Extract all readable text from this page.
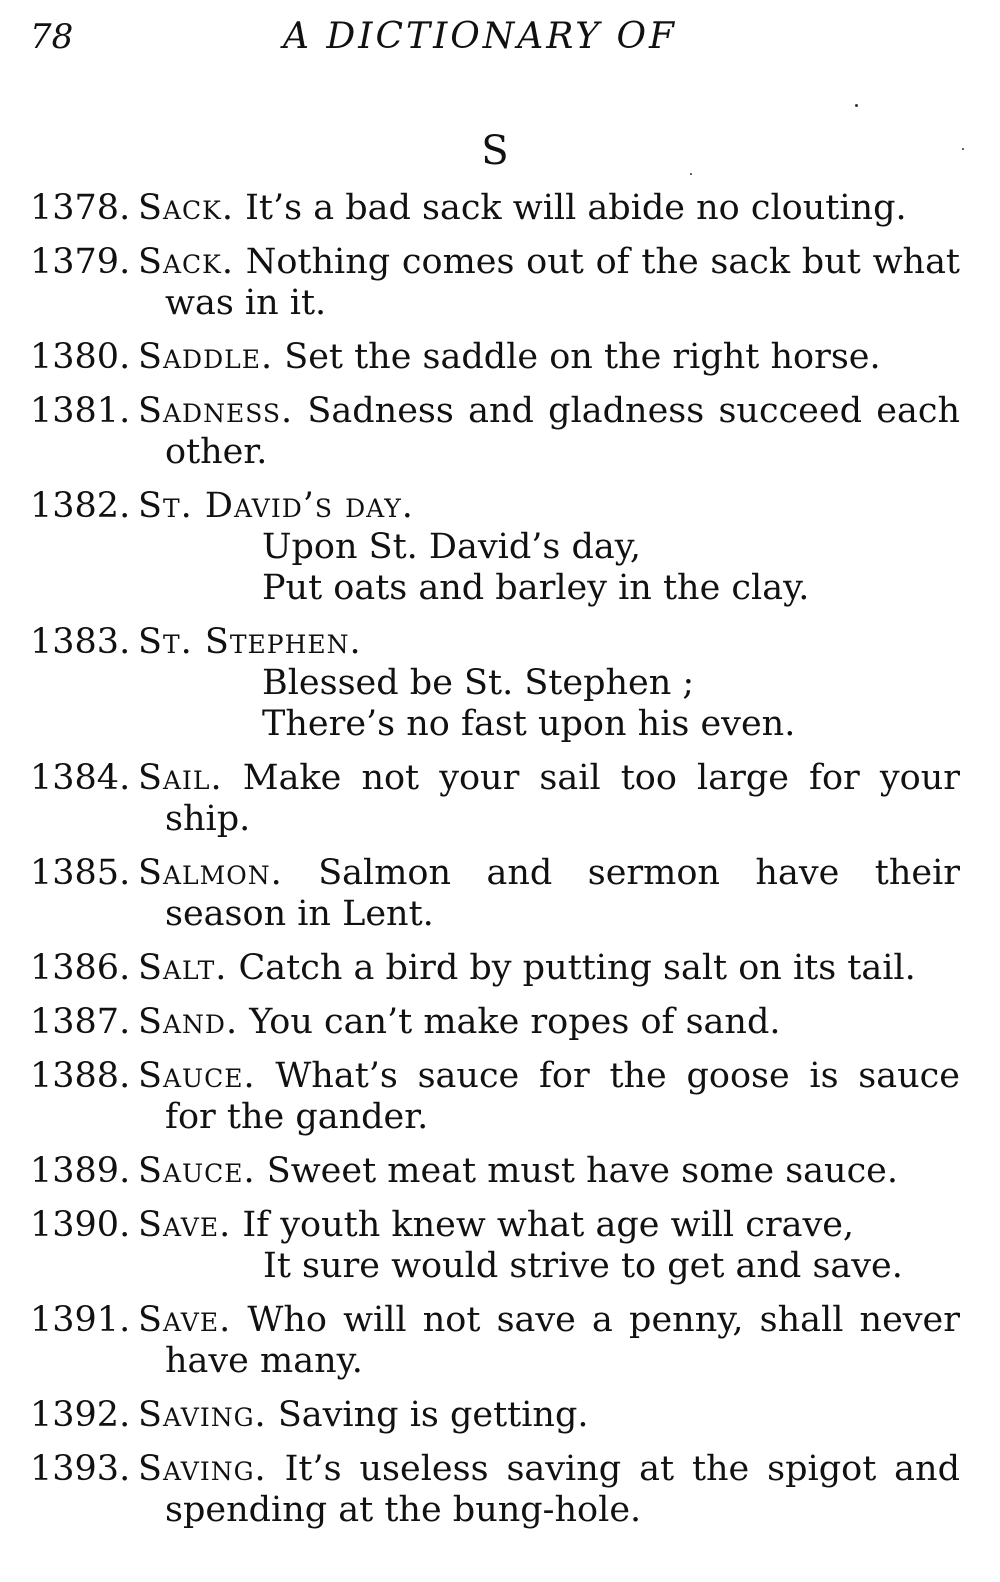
78	A DICTIONARY OF
S
1378. Sack. It’s a bad sack will abide no clouting.
1379. Sack. Nothing comes out of the sack but what was in it.
1380. Saddle. Set the saddle on the right horse.
1381. Sadness. Sadness and gladness succeed each other.
1382. St. David’s day.
Upon St. David’s day,
Put oats and barley in the clay.
1383. St. Stephen.
Blessed be St. Stephen ;
There’s no fast upon his even.
1384. Sail. Make not your sail too large for your ship.
1385. Salmon. Salmon and sermon have their season in Lent.
1386. Salt. Catch a bird by putting salt on its tail.
1387. Sand. You can’t make ropes of sand.
1388. Sauce. What’s sauce for the goose is sauce for the gander.
1389. Sauce. Sweet meat must have some sauce.
1390. Save. If youth knew what age will crave,
It sure would strive to get and save.
1391. Save. Who will not save a penny, shall never have many.
1392. Saving. Saving is getting.
1393. Saving. It’s useless saving at the spigot and spending at the bung-hole.
